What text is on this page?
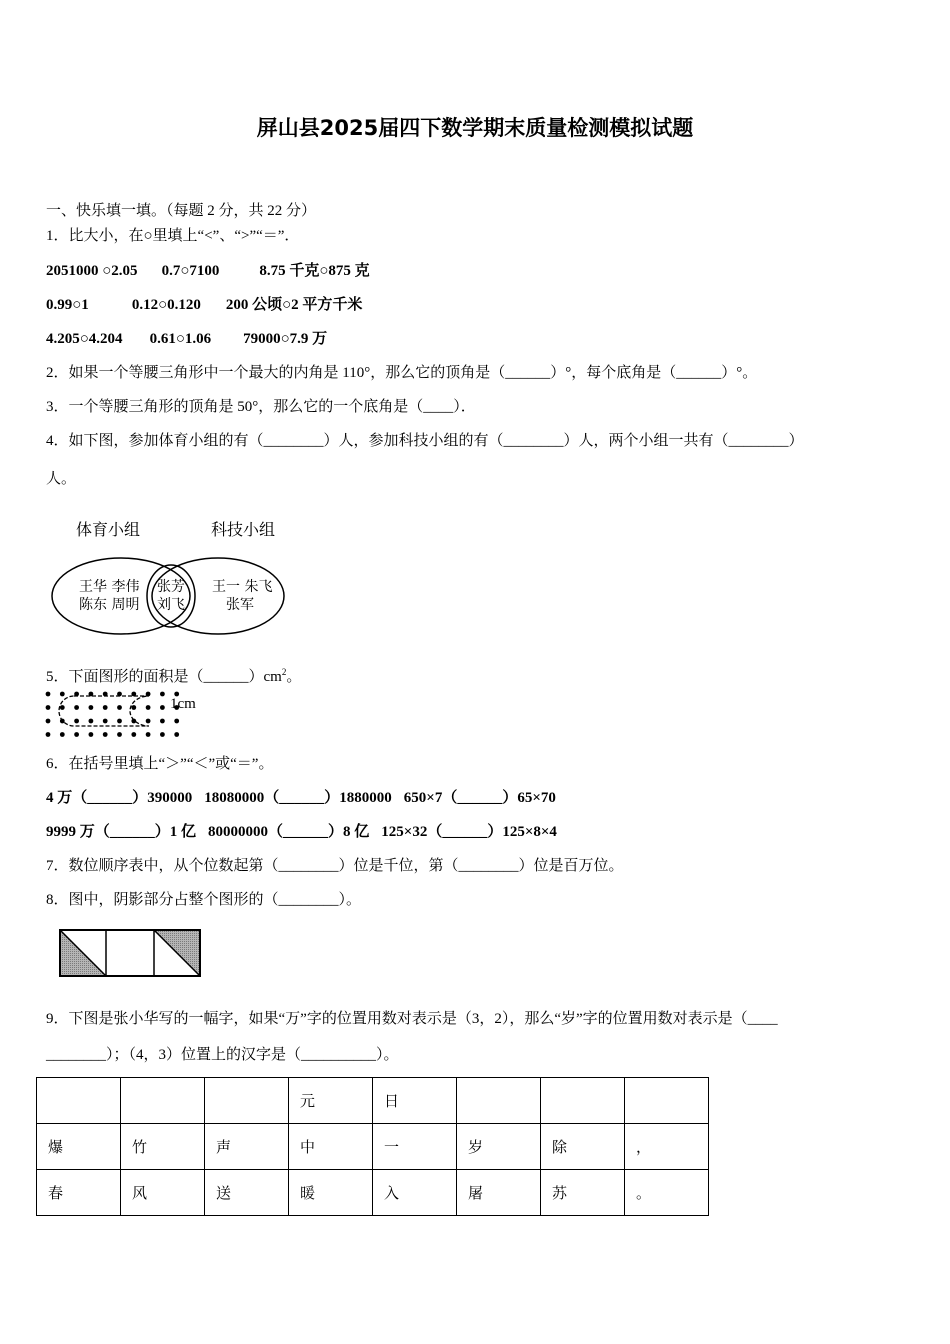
屏山县2025届四下数学期末质量检测模拟试题
一、快乐填一填。（每题 2 分，共 22 分）
1．比大小，在○里填上“<”、“>”“＝”．
2051000 ○2.05 0.7○7100	8.75 千克○875 克
0.99○1	0.12○0.120 200 公顷○2 平方千米
4.205○4.204 0.61○1.06 79000○7.9 万
2．如果一个等腰三角形中一个最大的内角是 110°，那么它的顶角是（______）°，每个底角是（______）°。
3．一个等腰三角形的顶角是 50°，那么它的一个底角是（____）．
4．如下图，参加体育小组的有（________）人，参加科技小组的有（________）人，两个小组一共有（________）
人。
体育小组	科技小组
王华 李伟
陈东 周明
张芳
刘飞
王一 朱飞
张军
5．下面图形的面积是$(\_\_\_\_\_\_)cm^2$。
1cm
6．在括号里填上“＞”“＜”或“＝”。
4 万（______）390000 18080000（______）1880000 650×7（______）65×70
9999 万（______）1 亿 80000000（______）8 亿 125×32（______）125×8×4
7．数位顺序表中，从个位数起第（________）位是千位，第（________）位是百万位。
8．图中，阴影部分占整个图形的（________）。
9．下图是张小华写的一幅字，如果“万”字的位置用数对表示是（3，2），那么“岁”字的位置用数对表示是（____
________）；（4，3）位置上的汉字是（__________）。
			元	日			
爆	竹	声	中	一	岁	除	，
春	风	送	暖	入	屠	苏	。
